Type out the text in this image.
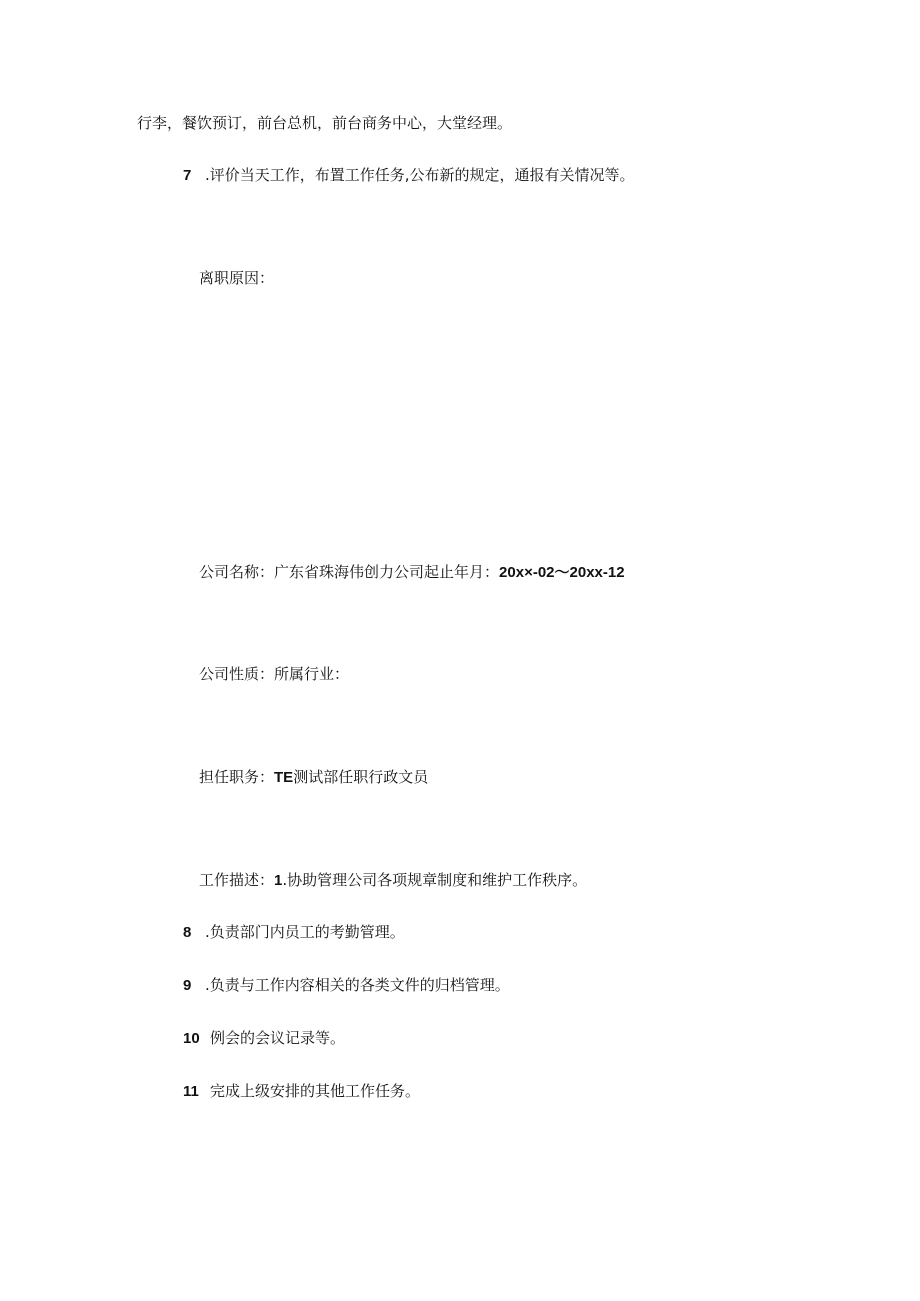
行李，餐饮预订，前台总机，前台商务中心，大堂经理。
7 .评价当天工作，布置工作任务,公布新的规定，通报有关情况等。
离职原因：
公司名称：广东省珠海伟创力公司起止年月：20x×-02〜20xx-12
公司性质：所属行业：
担任职务：TE测试部任职行政文员
工作描述：1.协助管理公司各项规章制度和维护工作秩序。
8 .负责部门内员工的考勤管理。
9 .负责与工作内容相关的各类文件的归档管理。
10 例会的会议记录等。
11 完成上级安排的其他工作任务。
